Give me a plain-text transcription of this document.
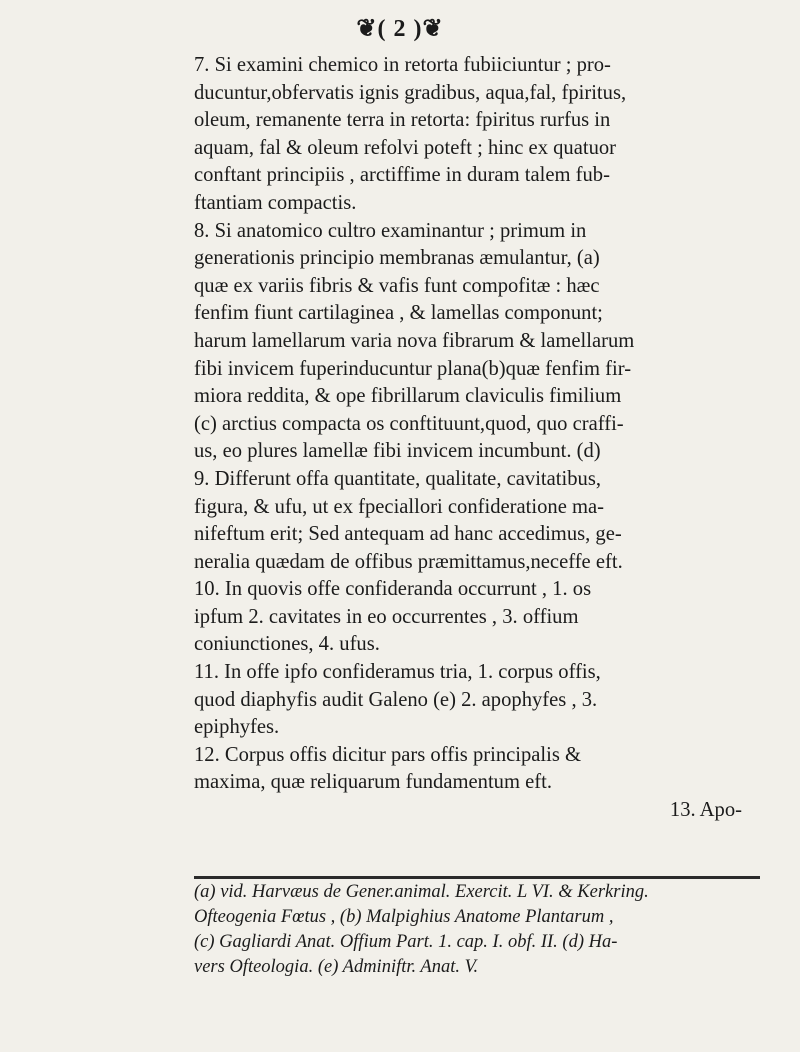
❦( 2 )❦
7. Si examini chemico in retorta fubiiciuntur ; pro-
ducuntur,obfervatis ignis gradibus, aqua,fal, fpiritus,
oleum, remanente terra in retorta: fpiritus rurfus in
aquam, fal & oleum refolvi poteft ; hinc ex quatuor
conftant principiis , arctiffime in duram talem fub-
ftantiam compactis.
8. Si anatomico cultro examinantur ; primum in
generationis principio membranas æmulantur, (a)
quæ ex variis fibris & vafis funt compofitæ : hæc
fenfim fiunt cartilaginea , & lamellas componunt;
harum lamellarum varia nova fibrarum & lamellarum
fibi invicem fuperinducuntur plana(b)quæ fenfim fir-
miora reddita, & ope fibrillarum claviculis fimilium
(c) arctius compacta os conftituunt,quod, quo craffi-
us, eo plures lamellæ fibi invicem incumbunt. (d)
9. Differunt offa quantitate, qualitate, cavitatibus,
figura, & ufu, ut ex fpeciallori confideratione ma-
nifeftum erit; Sed antequam ad hanc accedimus, ge-
neralia quædam de offibus præmittamus,neceffe eft.
10. In quovis offe confideranda occurrunt , 1. os
ipfum 2. cavitates in eo occurrentes , 3. offium
coniunctiones, 4. ufus.
11. In offe ipfo confideramus tria, 1. corpus offis,
quod diaphyfis audit Galeno (e) 2. apophyfes , 3.
epiphyfes.
12. Corpus offis dicitur pars offis principalis &
maxima, quæ reliquarum fundamentum eft.
13. Apo-
(a) vid. Harvæus de Gener.animal. Exercit. L VI. & Kerkring.
Ofteogenia Fœtus , (b) Malpighius Anatome Plantarum ,
(c) Gagliardi Anat. Offium Part. 1. cap. I. obf. II. (d) Ha-
vers Ofteologia. (e) Adminiftr. Anat. V.
